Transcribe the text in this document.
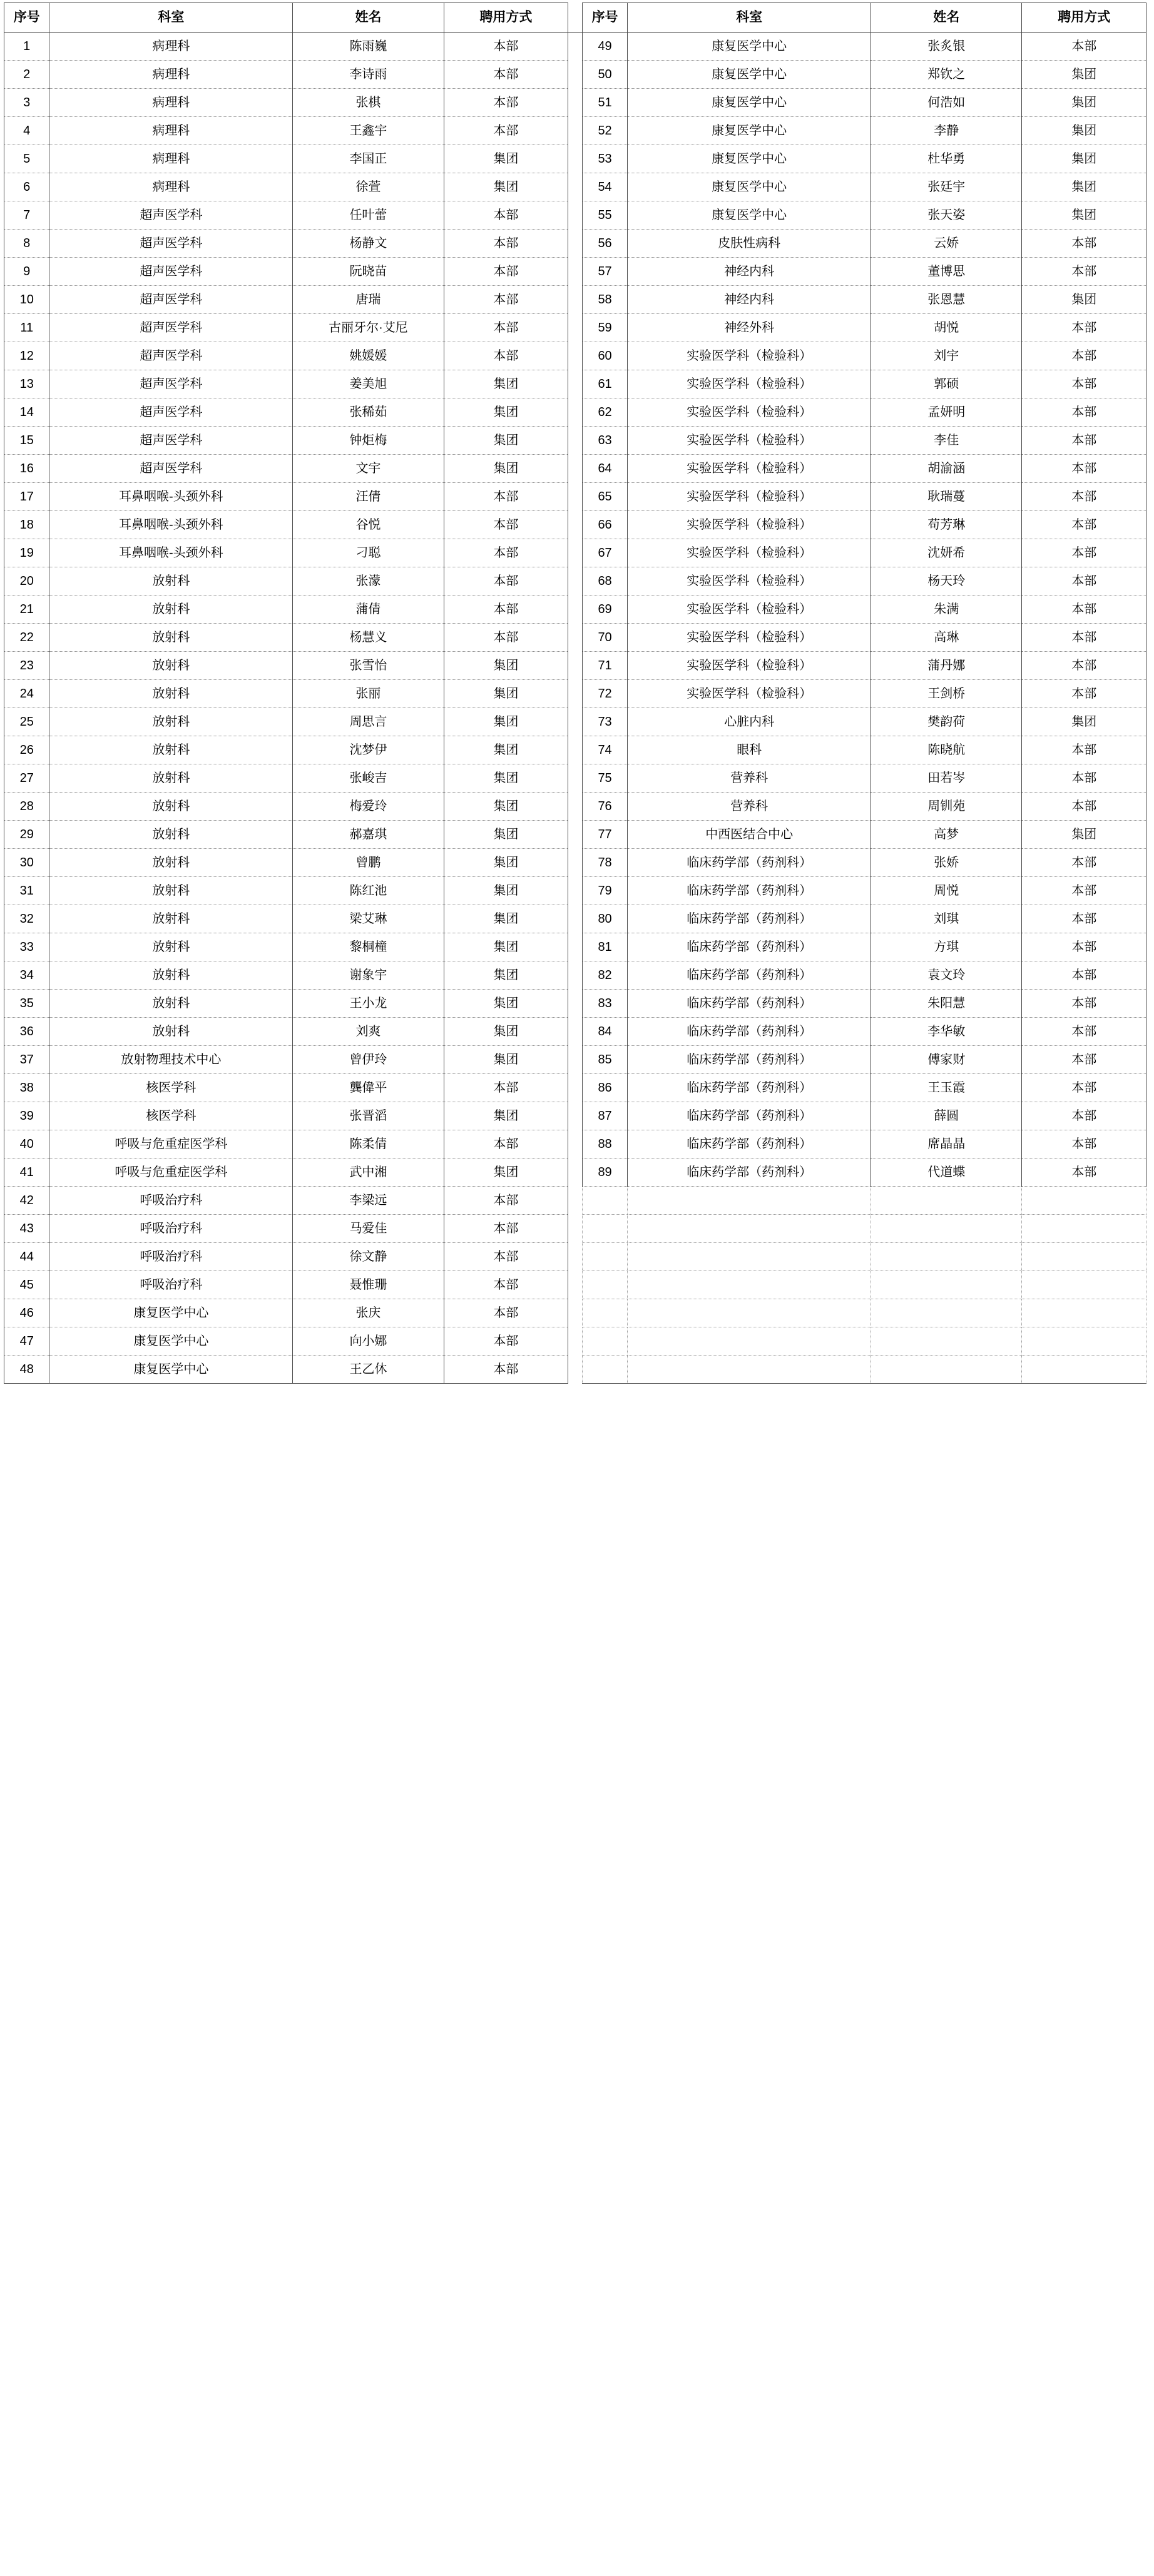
序号	科室	姓名	聘用方式		序号	科室	姓名	聘用方式
1	病理科	陈雨巍	本部		49	康复医学中心	张炙银	本部
2	病理科	李诗雨	本部		50	康复医学中心	郑钦之	集团
3	病理科	张棋	本部		51	康复医学中心	何浩如	集团
4	病理科	王鑫宇	本部		52	康复医学中心	李静	集团
5	病理科	李国正	集团		53	康复医学中心	杜华勇	集团
6	病理科	徐萱	集团		54	康复医学中心	张廷宇	集团
7	超声医学科	任叶蕾	本部		55	康复医学中心	张天姿	集团
8	超声医学科	杨静文	本部		56	皮肤性病科	云娇	本部
9	超声医学科	阮晓苗	本部		57	神经内科	董博思	本部
10	超声医学科	唐瑞	本部		58	神经内科	张恩慧	集团
11	超声医学科	古丽牙尔·艾尼	本部		59	神经外科	胡悦	本部
12	超声医学科	姚媛媛	本部		60	实验医学科（检验科）	刘宇	本部
13	超声医学科	姜美旭	集团		61	实验医学科（检验科）	郭硕	本部
14	超声医学科	张稀茹	集团		62	实验医学科（检验科）	孟妍明	本部
15	超声医学科	钟炬梅	集团		63	实验医学科（检验科）	李佳	本部
16	超声医学科	文宇	集团		64	实验医学科（检验科）	胡渝涵	本部
17	耳鼻咽喉-头颈外科	汪倩	本部		65	实验医学科（检验科）	耿瑞蔓	本部
18	耳鼻咽喉-头颈外科	谷悦	本部		66	实验医学科（检验科）	苟芳琳	本部
19	耳鼻咽喉-头颈外科	刁聪	本部		67	实验医学科（检验科）	沈妍希	本部
20	放射科	张濛	本部		68	实验医学科（检验科）	杨天玲	本部
21	放射科	蒲倩	本部		69	实验医学科（检验科）	朱满	本部
22	放射科	杨慧义	本部		70	实验医学科（检验科）	高琳	本部
23	放射科	张雪怡	集团		71	实验医学科（检验科）	蒲丹娜	本部
24	放射科	张丽	集团		72	实验医学科（检验科）	王剑桥	本部
25	放射科	周思言	集团		73	心脏内科	樊韵荷	集团
26	放射科	沈梦伊	集团		74	眼科	陈晓航	本部
27	放射科	张峻吉	集团		75	营养科	田若岑	本部
28	放射科	梅爱玲	集团		76	营养科	周钏苑	本部
29	放射科	郝嘉琪	集团		77	中西医结合中心	高梦	集团
30	放射科	曾鹏	集团		78	临床药学部（药剂科）	张娇	本部
31	放射科	陈红池	集团		79	临床药学部（药剂科）	周悦	本部
32	放射科	梁艾琳	集团		80	临床药学部（药剂科）	刘琪	本部
33	放射科	黎桐橦	集团		81	临床药学部（药剂科）	方琪	本部
34	放射科	谢象宇	集团		82	临床药学部（药剂科）	袁文玲	本部
35	放射科	王小龙	集团		83	临床药学部（药剂科）	朱阳慧	本部
36	放射科	刘爽	集团		84	临床药学部（药剂科）	李华敏	本部
37	放射物理技术中心	曾伊玲	集团		85	临床药学部（药剂科）	傅家财	本部
38	核医学科	龔偉平	本部		86	临床药学部（药剂科）	王玉霞	本部
39	核医学科	张晋滔	集团		87	临床药学部（药剂科）	薛圆	本部
40	呼吸与危重症医学科	陈柔倩	本部		88	临床药学部（药剂科）	席晶晶	本部
41	呼吸与危重症医学科	武中湘	集团		89	临床药学部（药剂科）	代道蝶	本部
42	呼吸治疗科	李梁远	本部					
43	呼吸治疗科	马爱佳	本部					
44	呼吸治疗科	徐文静	本部					
45	呼吸治疗科	聂惟珊	本部					
46	康复医学中心	张庆	本部					
47	康复医学中心	向小娜	本部					
48	康复医学中心	王乙休	本部					
